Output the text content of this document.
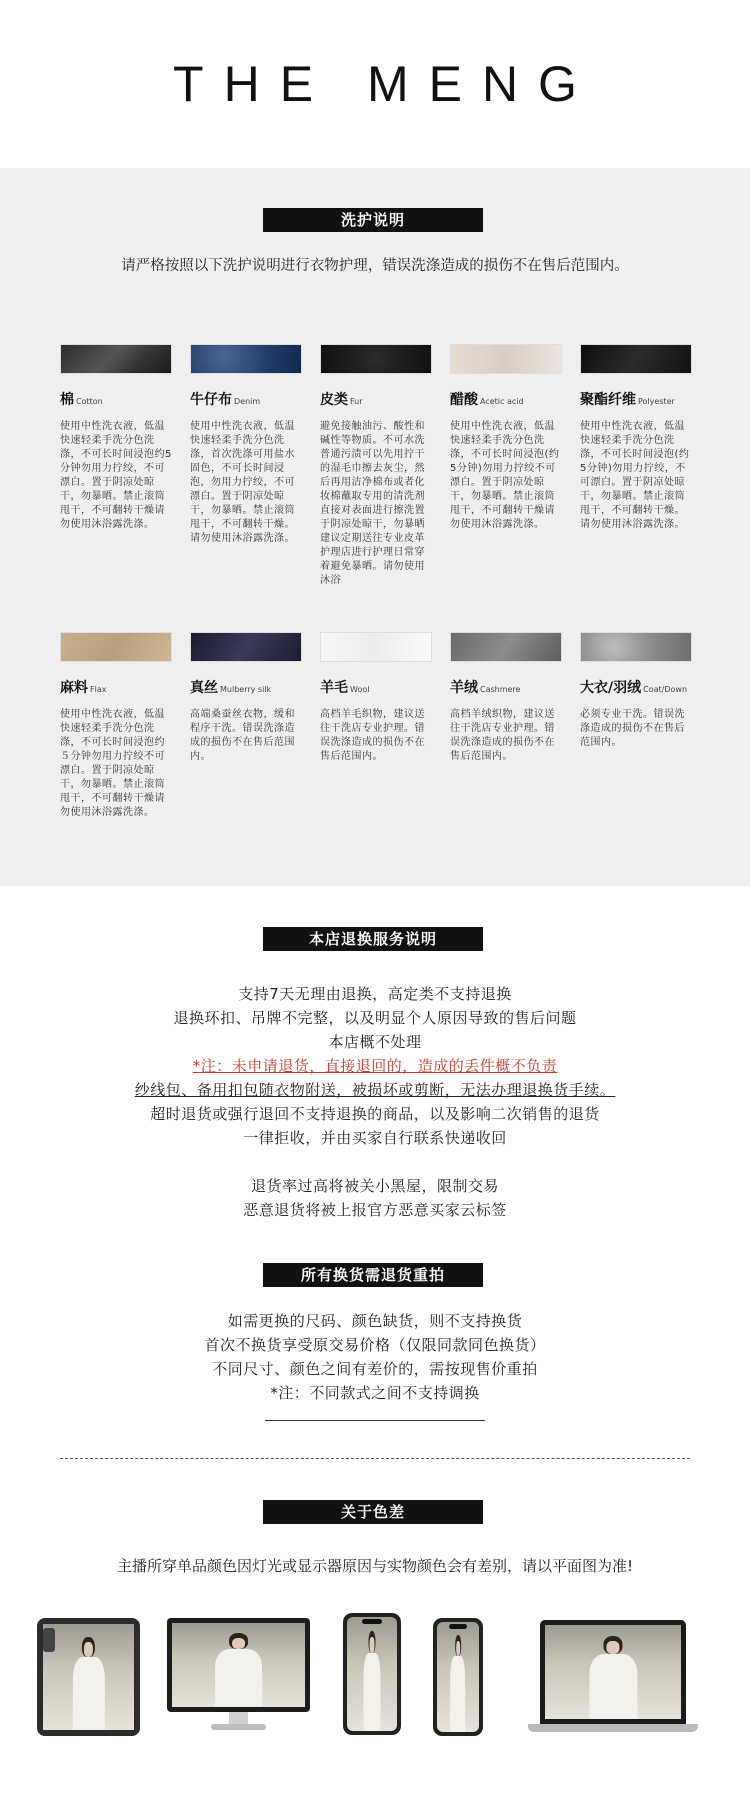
THE MENG
洗护说明

请严格按照以下洗护说明进行衣物护理，错误洗涤造成的损伤不在售后范围内。

棉 Cotton
使用中性洗衣液，低温快速轻柔手洗分色洗涤，不可长时间浸泡约5分钟勿用力拧绞，不可漂白。置于阴凉处晾干，勿暴晒。禁止滚筒甩干，不可翻转干燥请勿使用沐浴露洗涤。
牛仔布 Denim
使用中性洗衣液，低温快速轻柔手洗分色洗涤，首次洗涤可用盐水固色，不可长时间浸泡，勿用力拧绞，不可漂白。置于阴凉处晾干，勿暴晒。禁止滚筒甩干，不可翻转干燥。请勿使用沐浴露洗涤。
皮类 Fur
避免接触油污、酸性和碱性等物质。不可水洗普通污渍可以先用拧干的湿毛巾擦去灰尘，然后再用洁净棉布或者化妆棉蘸取专用的清洗剂直接对表面进行擦洗置于阴凉处晾干，勿暴晒建议定期送往专业皮革护理店进行护理日常穿着避免暴晒。请勿使用沐浴
醋酸 Acetic acid
使用中性洗衣液，低温快速轻柔手洗分色洗涤，不可长时间浸泡(约5分钟)勿用力拧绞不可漂白。置于阴凉处晾干，勿暴晒。禁止滚筒甩干，不可翻转干燥请勿使用沐浴露洗涤。
聚酯纤维 Polyester
使用中性洗衣液，低温快速轻柔手洗分色洗涤，不可长时间浸泡(约5分钟)勿用力拧绞，不可漂白。置于阴凉处晾干，勿暴晒。禁止滚筒甩干，不可翻转干燥。 请勿使用沐浴露洗涤。
麻料 Flax
使用中性洗衣液，低温快速轻柔手洗分色洗涤，不可长时间浸泡约５分钟勿用力拧绞不可漂白。置于阴凉处晾干，勿暴晒。禁止滚筒甩干，不可翻转干燥请勿使用沐浴露洗涤。
真丝 Mulberry silk
高端桑蚕丝衣物，缓和程序干洗。错误洗涤造成的损伤不在售后范围内。
羊毛 Wool
高档羊毛织物，建议送往干洗店专业护理。错误洗涤造成的损伤不在售后范围内。
羊绒 Cashmere
高档羊绒织物，建议送往干洗店专业护理。错误洗涤造成的损伤不在售后范围内。
大衣/羽绒 Coat/Down
必须专业干洗。错误洗涤造成的损伤不在售后范围内。
本店退换服务说明
支持7天无理由退换，高定类不支持退换
退换环扣、吊牌不完整，以及明显个人原因导致的售后问题
本店概不处理
*注：未申请退货，直接退回的，造成的丢件概不负责
纱线包、备用扣包随衣物附送，被损坏或剪断，无法办理退换货手续。
超时退货或强行退回不支持退换的商品，以及影响二次销售的退货
一律拒收，并由买家自行联系快递收回
退货率过高将被关小黑屋，限制交易
恶意退货将被上报官方恶意买家云标签
所有换货需退货重拍
如需更换的尺码、颜色缺货，则不支持换货
首次不换货享受原交易价格（仅限同款同色换货）
不同尺寸、颜色之间有差价的，需按现售价重拍
*注：不同款式之间不支持调换
关于色差

主播所穿单品颜色因灯光或显示器原因与实物颜色会有差别，请以平面图为准!
